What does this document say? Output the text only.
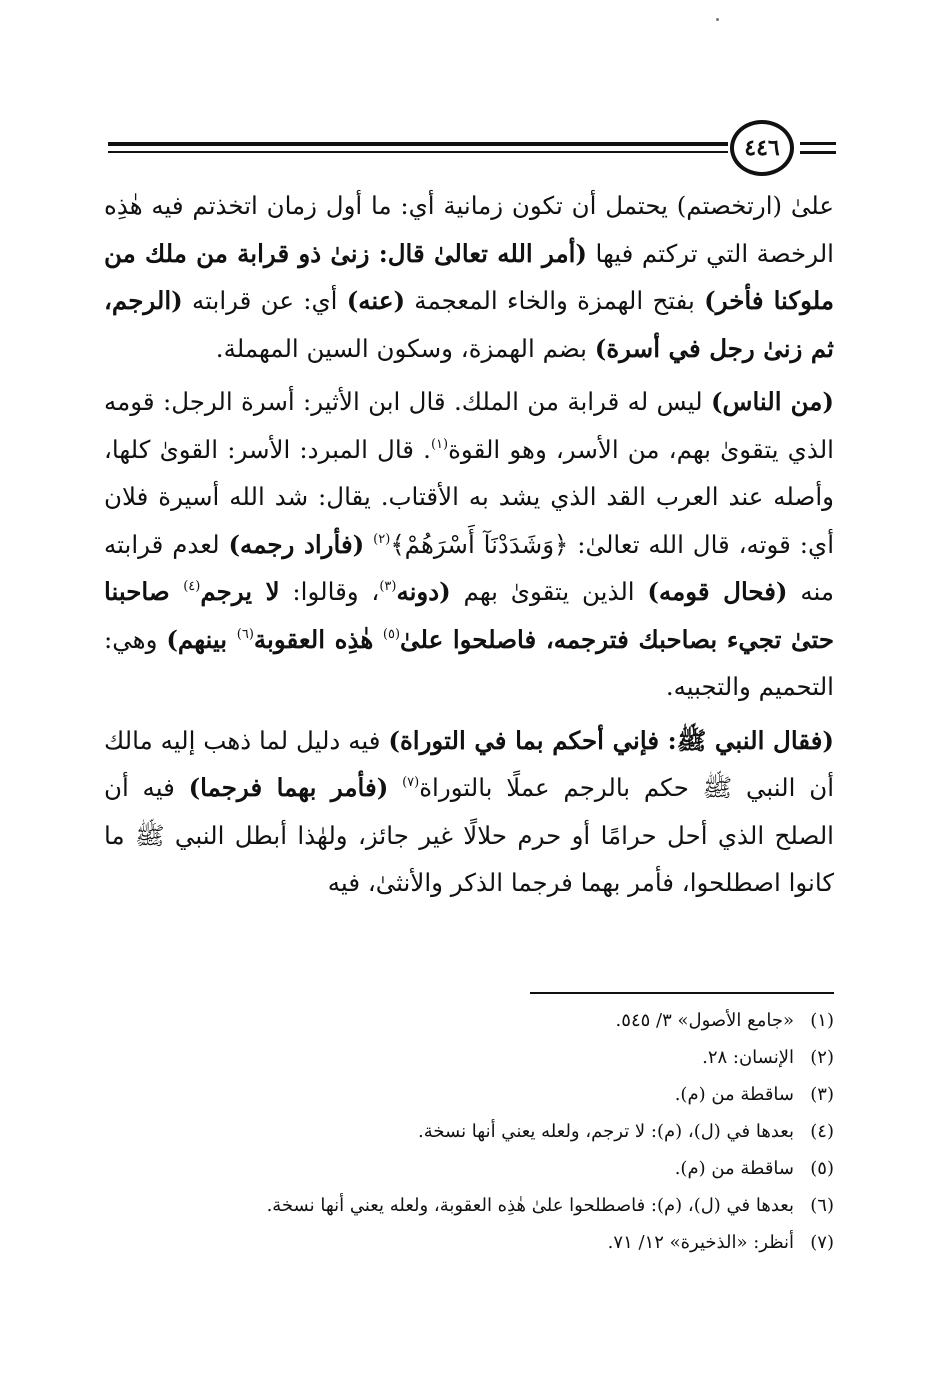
٤٤٦

علىٰ (ارتخصتم) يحتمل أن تكون زمانية أي: ما أول زمان اتخذتم فيه هٰذِه الرخصة التي تركتم فيها (أمر الله تعالىٰ قال: زنىٰ ذو قرابة من ملك من ملوكنا فأخر) بفتح الهمزة والخاء المعجمة (عنه) أي: عن قرابته (الرجم، ثم زنىٰ رجل في أسرة) بضم الهمزة، وسكون السين المهملة.

(من الناس) ليس له قرابة من الملك. قال ابن الأثير: أسرة الرجل: قومه الذي يتقوىٰ بهم، من الأسر، وهو القوة$^{(١)}$. قال المبرد: الأسر: القوىٰ كلها، وأصله عند العرب القد الذي يشد به الأقتاب. يقال: شد الله أسيرة فلان أي: قوته، قال الله تعالىٰ: ﴿وَشَدَدْنَآ أَسْرَهُمْ﴾$^{(٢)}$ (فأراد رجمه) لعدم قرابته منه (فحال قومه) الذين يتقوىٰ بهم (دونه$^{(٣)}$، وقالوا: لا يرجم$^{(٤)}$ صاحبنا حتىٰ تجيء بصاحبك فترجمه، فاصلحوا علىٰ$^{(٥)}$ هٰذِه العقوبة$^{(٦)}$ بينهم) وهي: التحميم والتجبيه.

(فقال النبي ﷺ: فإني أحكم بما في التوراة) فيه دليل لما ذهب إليه مالك أن النبي ﷺ حكم بالرجم عملًا بالتوراة$^{(٧)}$ (فأمر بهما فرجما) فيه أن الصلح الذي أحل حرامًا أو حرم حلالًا غير جائز، ولهٰذا أبطل النبي ﷺ ما كانوا اصطلحوا، فأمر بهما فرجما الذكر والأنثىٰ، فيه

(١)
«جامع الأصول» ٣/ ٥٤٥.
(٢)
الإنسان: ٢٨.
(٣)
ساقطة من (م).
(٤)
بعدها في (ل)، (م): لا ترجم، ولعله يعني أنها نسخة.
(٥)
ساقطة من (م).
(٦)
بعدها في (ل)، (م): فاصطلحوا علىٰ هٰذِه العقوبة، ولعله يعني أنها نسخة.
(٧)
أنظر: «الذخيرة» ١٢/ ٧١.
